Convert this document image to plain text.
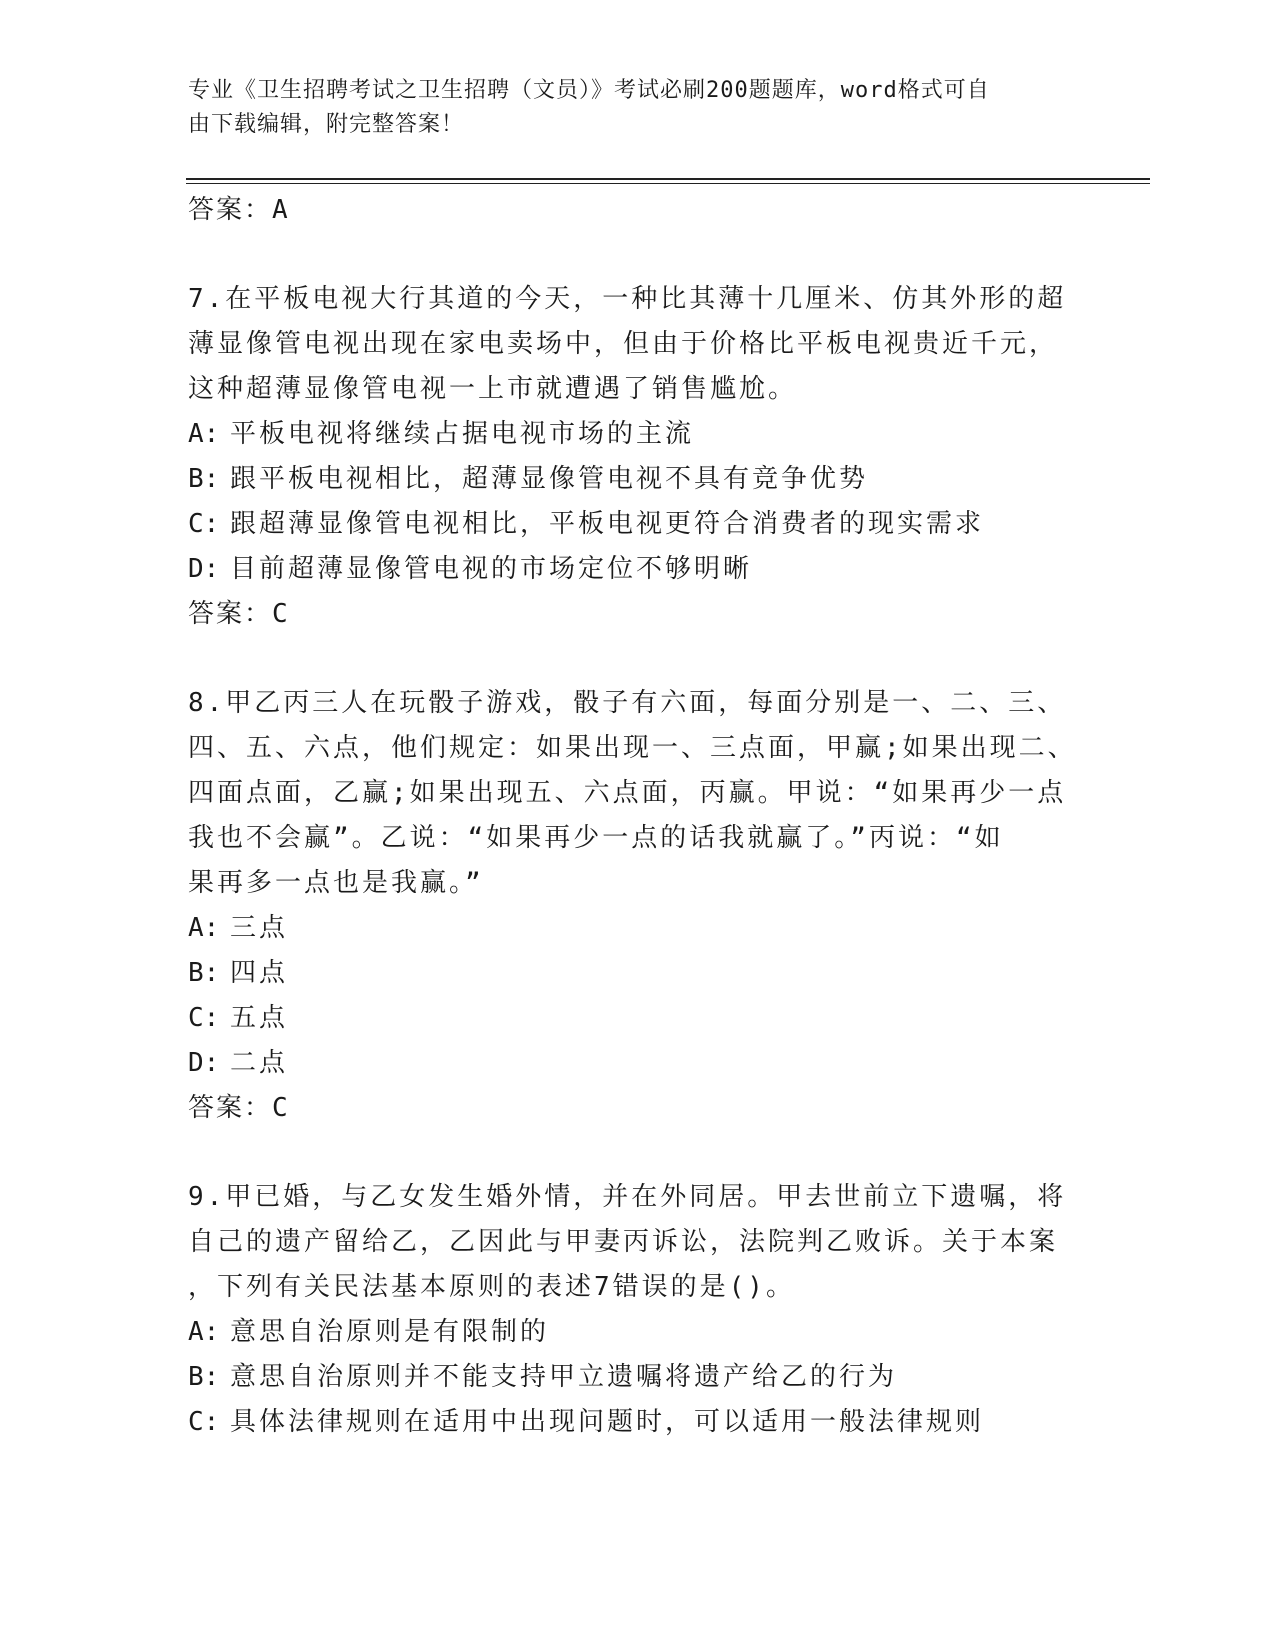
专业《卫生招聘考试之卫生招聘（文员）》考试必刷200题题库，word格式可自
由下载编辑，附完整答案！
答案：A
7.在平板电视大行其道的今天，一种比其薄十几厘米、仿其外形的超
薄显像管电视出现在家电卖场中，但由于价格比平板电视贵近千元，
这种超薄显像管电视一上市就遭遇了销售尴尬。
A: 平板电视将继续占据电视市场的主流
B: 跟平板电视相比，超薄显像管电视不具有竞争优势
C: 跟超薄显像管电视相比，平板电视更符合消费者的现实需求
D: 目前超薄显像管电视的市场定位不够明晰
答案：C
8.甲乙丙三人在玩骰子游戏，骰子有六面，每面分别是一、二、三、
四、五、六点，他们规定：如果出现一、三点面，甲赢;如果出现二、
四面点面，乙赢;如果出现五、六点面，丙赢。甲说：“如果再少一点
我也不会赢”。乙说：“如果再少一点的话我就赢了。”丙说：“如
果再多一点也是我赢。”
A: 三点
B: 四点
C: 五点
D: 二点
答案：C
9.甲已婚，与乙女发生婚外情，并在外同居。甲去世前立下遗嘱，将
自己的遗产留给乙，乙因此与甲妻丙诉讼，法院判乙败诉。关于本案
，下列有关民法基本原则的表述7错误的是()。
A: 意思自治原则是有限制的
B: 意思自治原则并不能支持甲立遗嘱将遗产给乙的行为
C: 具体法律规则在适用中出现问题时，可以适用一般法律规则
